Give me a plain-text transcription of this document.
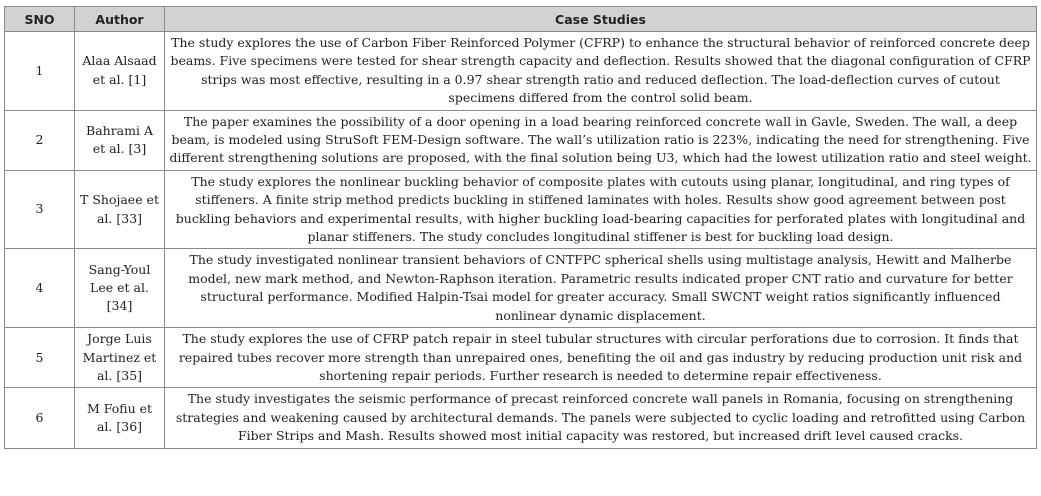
SNO	Author	Case Studies
1	Alaa Alsaad et al. [1]	The study explores the use of Carbon Fiber Reinforced Polymer (CFRP) to enhance the structural behavior of reinforced concrete deep beams. Five specimens were tested for shear strength capacity and deflection. Results showed that the diagonal configuration of CFRP strips was most effective, resulting in a 0.97 shear strength ratio and reduced deflection. The load-deflection curves of cutout specimens differed from the control solid beam.
2	Bahrami A et al. [3]	The paper examines the possibility of a door opening in a load bearing reinforced concrete wall in Gavle, Sweden. The wall, a deep beam, is modeled using StruSoft FEM-Design software. The wall’s utilization ratio is 223%, indicating the need for strengthening. Five different strengthening solutions are proposed, with the final solution being U3, which had the lowest utilization ratio and steel weight.
3	T Shojaee et al. [33]	The study explores the nonlinear buckling behavior of composite plates with cutouts using planar, longitudinal, and ring types of stiffeners. A finite strip method predicts buckling in stiffened laminates with holes. Results show good agreement between post buckling behaviors and experimental results, with higher buckling load-bearing capacities for perforated plates with longitudinal and planar stiffeners. The study concludes longitudinal stiffener is best for buckling load design.
4	Sang-Youl Lee et al. [34]	The study investigated nonlinear transient behaviors of CNTFPC spherical shells using multistage analysis, Hewitt and Malherbe model, new mark method, and Newton-Raphson iteration. Parametric results indicated proper CNT ratio and curvature for better structural performance. Modified Halpin-Tsai model for greater accuracy. Small SWCNT weight ratios significantly influenced nonlinear dynamic displacement.
5	Jorge Luis Martinez et al. [35]	The study explores the use of CFRP patch repair in steel tubular structures with circular perforations due to corrosion. It finds that repaired tubes recover more strength than unrepaired ones, benefiting the oil and gas industry by reducing production unit risk and shortening repair periods. Further research is needed to determine repair effectiveness.
6	M Fofiu et al. [36]	The study investigates the seismic performance of precast reinforced concrete wall panels in Romania, focusing on strengthening strategies and weakening caused by architectural demands. The panels were subjected to cyclic loading and retrofitted using Carbon Fiber Strips and Mash. Results showed most initial capacity was restored, but increased drift level caused cracks.
